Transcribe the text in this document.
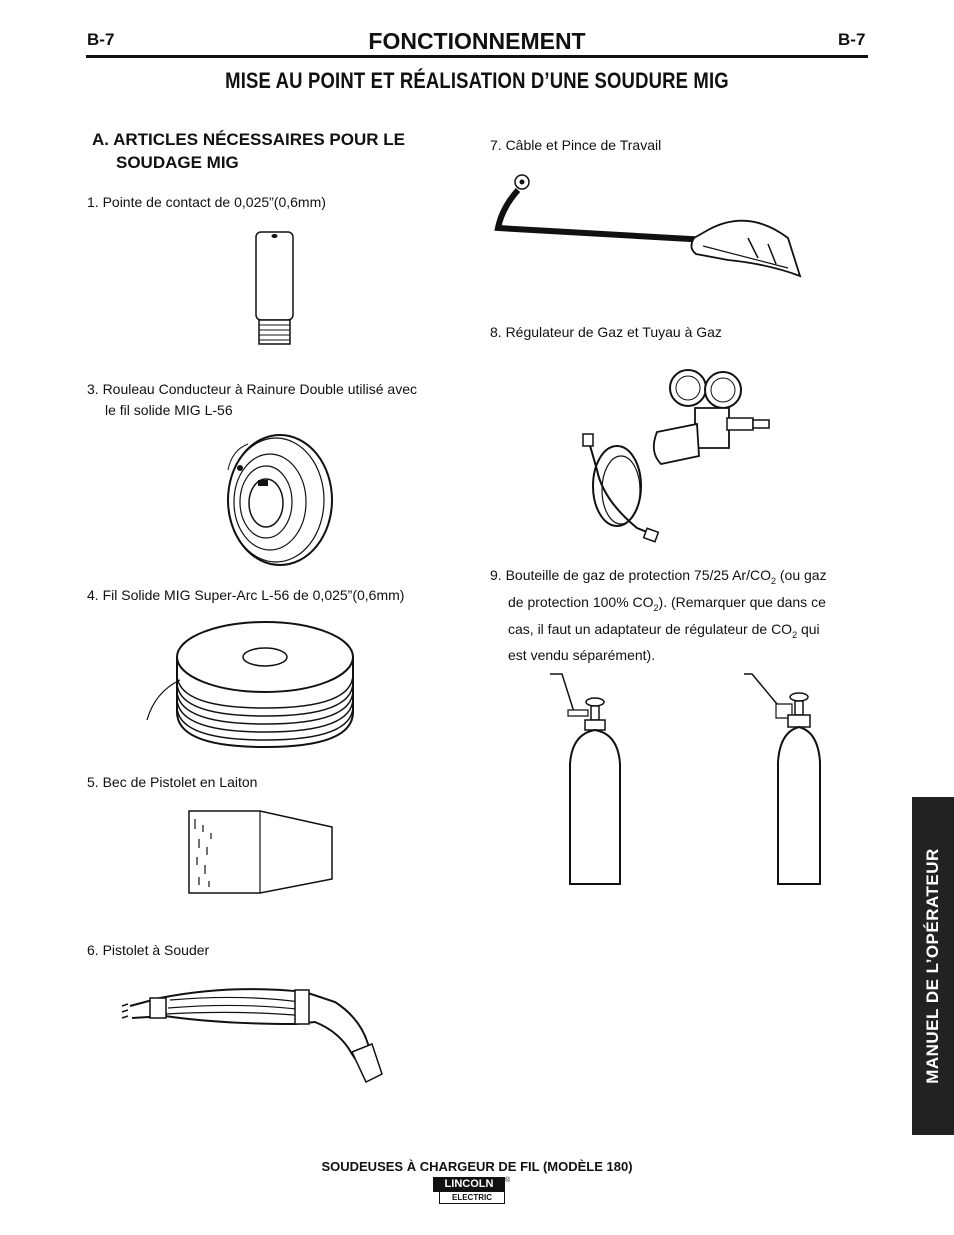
B-7	B-7
FONCTIONNEMENT
MISE AU POINT ET RÉALISATION D’UNE SOUDURE MIG
A. ARTICLES NÉCESSAIRES POUR LE
SOUDAGE MIG
1. Pointe de contact de 0,025”(0,6mm)
3. Rouleau Conducteur à Rainure Double utilisé avec
le fil solide MIG L-56
4. Fil Solide MIG Super-Arc L-56 de 0,025”(0,6mm)
5. Bec de Pistolet en Laiton
6. Pistolet à Souder
7. Câble et Pince de Travail
8. Régulateur de Gaz et Tuyau à Gaz
9. Bouteille de gaz de protection 75/25 $Ar/CO_2$ (ou gaz
de protection 100% $CO_2$). (Remarquer que dans ce
cas, il faut un adaptateur de régulateur de $CO_2$ qui
est vendu séparément).
MANUEL DE L’OPÉRATEUR
SOUDEUSES À CHARGEUR DE FIL (MODÈLE 180)
LINCOLN
ELECTRIC
®
